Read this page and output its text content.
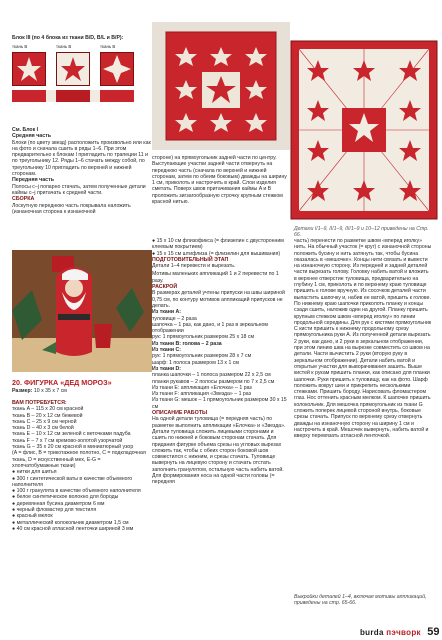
Блок III (по 4 блока из ткани B/D, B/L и B/P):
ткань B	ткань B	ткань B

См. Блок I

Средняя часть

Блоки (по цвету звезд) расположить произвольно или как на фото и сначала сшить в ряды 1–6. При этом предварительно к блокам I пригладить по трапеции 11 и по треугольнику 12. Ряды 1–6 стачать между собой, по треугольнику 10 пригладить по верхней и нижней сторонам.

Передняя часть

Полосы с–j попарно стачать, затем полученные детали каймы с–j притачать к средней части.

СБОРКА

Лоскутную переднюю часть покрывала наложить (изнаночная сторона к изнаночной

Детали I/1–9, II/1–9, III/1–9 и 10–12 приведены на Стр. 66.
стороне) на прямоугольник задней части по центру. Выступающие участки задней части отвернуть на переднюю часть (сначала по верхней и нижней сторонам, затем по обеим боковым) дважды на ширину 1 см, приколоть и настрочить в край. Слои изделия сметать. Поверх швов притачивания каймы A и B проложить зигзагообразную строчку крупным стежком красной нитью.
20. ФИГУРКА «ДЕД МОРОЗ»
Размер: 10 x 35 x 7 см

ВАМ ПОТРЕБУЕТСЯ:

ткань A – 115 x 20 см красной

ткань B – 20 x 12 см бежевой

ткань C – 25 x 9 см черной

ткань D – 40 x 3 см белой

ткань E – 10 x 12 см зеленой с веточками падуба

ткань F – 7 x 7 см кремово-золотой узорчатой

ткань G – 35 x 20 см красной в миниатюрный узор

(A = флис, B = трикотажное полотно, C = подкладочная ткань, D = искусственный мех, E-G = хлопчатобумажные ткани)

● нитки для шитья

● 300 г синтетической ваты в качестве объемного наполнителя

● 100 г гранулята в качестве объемного наполнителя

● белое синтетическое волокно для бороды

● деревянная бусина диаметром 6 мм

● черный фломастер для текстиля

● красный мелок

● металлический колокольчик диаметром 1,5 см

● 40 см красной атласной ленточки шириной 3 мм

● 15 x 10 см флизофикса (= флизелин с двусторонним клеевым покрытием)

● 15 x 15 см штифлиза (= флизелин для вышивания)

ПОДГОТОВИТЕЛЬНЫЙ ЭТАП

Детали 1–4 перевести и вырезать.

Мотивы маленьких аппликаций 1 и 2 перевести по 1 разу.

РАСКРОЙ

В размерах деталей учтены припуски на швы шириной 0,75 см, по контуру мотивов аппликаций припусков не делать.

Из ткани A:

туловище – 2 раза

шапочка – 1 раз, как дано, и 1 раз в зеркальном отображении

рук: 1 прямоугольник размером 25 x 18 см

Из ткани B: голова – 2 раза

Из ткани C:

рук: 1 прямоугольник размером 28 x 7 см

шарф: 1 полоса размером 13 x 1 см

Из ткани D:

планка шапочки – 1 полоса размером 22 x 2,5 см

планки рукавов – 2 полосы размером по 7 x 2,5 см

Из ткани E: аппликация «Елочка» – 1 раз

Из ткани F: аппликация «Звезда» – 1 раз

Из ткани G: мешок – 1 прямоугольник размером 30 x 15 см

ОПИСАНИЕ РАБОТЫ

На одной детали туловища (= передняя часть) по разметке выполнить аппликации «Елочка» и «Звезда». Детали туловища сложить лицевыми сторонами и сшить по нижней и боковым сторонам стачать. Для придания фигурке объема срезы на угловых вырезах сложить так, чтобы с обеих сторон боковой шов совместился с нижним, и срезы стачать. Туловище вывернуть на лицевую сторону и стачать отстать заполнить гранулятом, остальную часть набить ватой. Для формирования носа на одной части головы (= передняя

часть) перенести по разметке швом «вперед иголку» нить. На обычный участок (= круг) с изнаночной стороны положить бусину и нить затянуть так, чтобы бусина оказалась в «мешочке». Концы нити связать и вывести на изнаночную сторону. Из передней и задней деталей части вырезать голову. Головку набить ватой и вложить в верхнее отверстие туловища, предварительно на глубину 1 см, приколоть и по верхнему краю туловище пришить к голове вручную. Из сосочков деталей части выпастить шапочку и, набив ее ватой, пришить к голове. По нижнему краю шапочки приколоть планку и концы сзади сшить, наложив один на другой. Планку пришить крупным стежком швом «вперед иголку» по линии продольной середины. Для рук с кистями прямоугольник C кисти пришить к нижнему продольному срезу прямоугольника руки A. Из полученной детали вырезать 2 руки, как дано, и 2 руки в зеркальном отображении, при этом линию шва на вырезке совместить со швом на детали. Части вычистить 2 руки (вторую руку в зеркальном отображении). Детали набить ватой и открытые участки для выворачивания зашить. Выше кистей к рукам пришить планки, как описано для планки шапочки. Руки пришить к туловищу, как на фото. Шарф положить вокруг шеи и прикрепить несколькими стежками. Пришить бороду. Нарисовать фломастером глаз. Нос оттенить красным мелком. К шапочке пришить колокольчик. Для мешочка прямоугольник из ткани G сложить поперек лицевой стороной внутрь, боковые срезы стачать. Припуск по верхнему срезу отвернуть дважды на изнаночную сторону на ширину 1 см и настрочить в край. Мешочек вывернуть, набить ватой и вверху перевязать атласной ленточкой.
Выкройки деталей 1–4, включая мотивы аппликаций, приведены на стр. 65-66.
burda пэчворк 59
